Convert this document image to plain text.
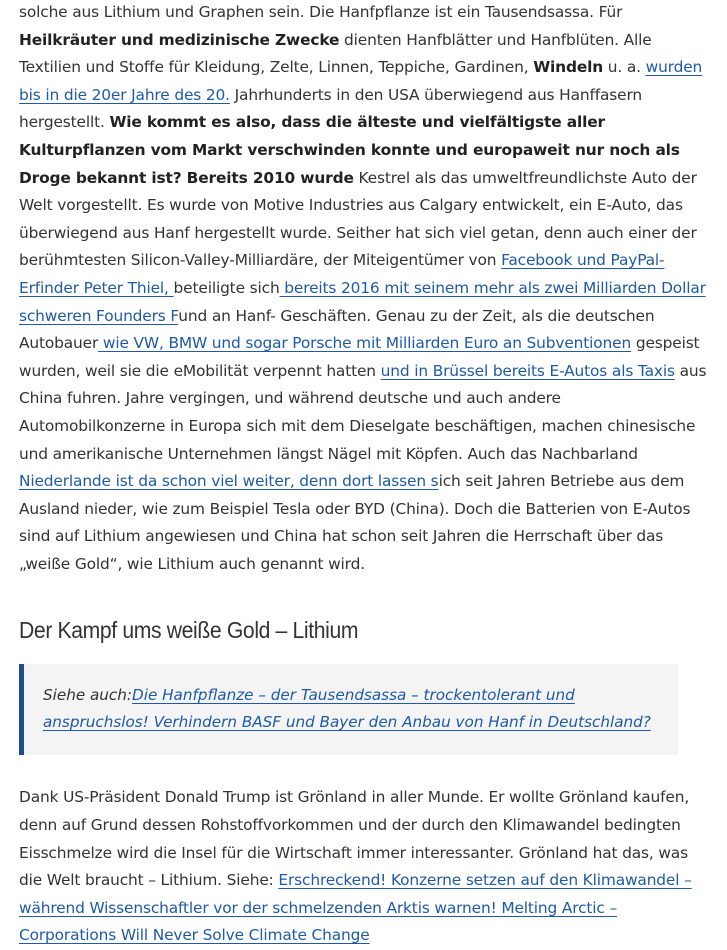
solche aus Lithium und Graphen sein. Die Hanfpflanze ist ein Tausendsassa. Für Heilkräuter und medizinische Zwecke dienten Hanfblätter und Hanfblüten. Alle Textilien und Stoffe für Kleidung, Zelte, Linnen, Teppiche, Gardinen, Windeln u. a. wurden bis in die 20er Jahre des 20. Jahrhunderts in den USA überwiegend aus Hanffasern hergestellt. Wie kommt es also, dass die älteste und vielfältigste aller Kulturpflanzen vom Markt verschwinden konnte und europaweit nur noch als Droge bekannt ist? Bereits 2010 wurde Kestrel als das umweltfreundlichste Auto der Welt vorgestellt. Es wurde von Motive Industries aus Calgary entwickelt, ein E-Auto, das überwiegend aus Hanf hergestellt wurde. Seither hat sich viel getan, denn auch einer der berühmtesten Silicon-Valley-Milliardäre, der Miteigentümer von Facebook und PayPal-Erfinder Peter Thiel, beteiligte sich bereits 2016 mit seinem mehr als zwei Milliarden Dollar schweren Founders Fund an Hanf- Geschäften. Genau zu der Zeit, als die deutschen Autobauer wie VW, BMW und sogar Porsche mit Milliarden Euro an Subventionen gespeist wurden, weil sie die eMobilität verpennt hatten und in Brüssel bereits E-Autos als Taxis aus China fuhren. Jahre vergingen, und während deutsche und auch andere Automobilkonzerne in Europa sich mit dem Dieselgate beschäftigen, machen chinesische und amerikanische Unternehmen längst Nägel mit Köpfen. Auch das Nachbarland Niederlande ist da schon viel weiter, denn dort lassen sich seit Jahren Betriebe aus dem Ausland nieder, wie zum Beispiel Tesla oder BYD (China). Doch die Batterien von E-Autos sind auf Lithium angewiesen und China hat schon seit Jahren die Herrschaft über das „weiße Gold“, wie Lithium auch genannt wird.

Der Kampf ums weiße Gold – Lithium

Siehe auch:Die Hanfpflanze – der Tausendsassa – trockentolerant und anspruchslos! Verhindern BASF und Bayer den Anbau von Hanf in Deutschland?

Dank US-Präsident Donald Trump ist Grönland in aller Munde. Er wollte Grönland kaufen, denn auf Grund dessen Rohstoffvorkommen und der durch den Klimawandel bedingten Eisschmelze wird die Insel für die Wirtschaft immer interessanter. Grönland hat das, was die Welt braucht – Lithium. Siehe: Erschreckend! Konzerne setzen auf den Klimawandel – während Wissenschaftler vor der schmelzenden Arktis warnen! Melting Arctic – Corporations Will Never Solve Climate Change
